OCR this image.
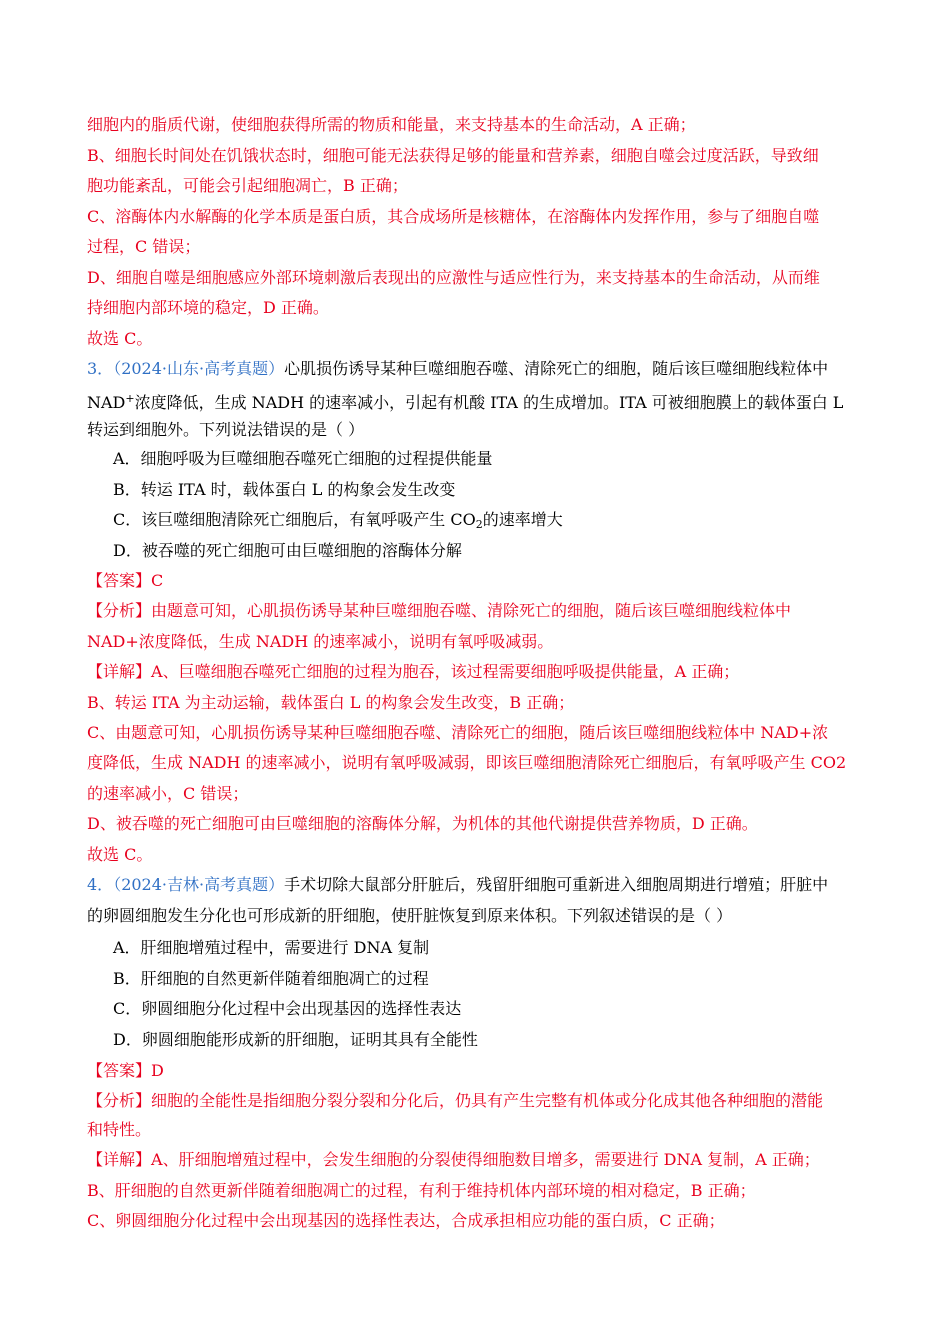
细胞内的脂质代谢，使细胞获得所需的物质和能量，来支持基本的生命活动，A 正确；
B、细胞长时间处在饥饿状态时，细胞可能无法获得足够的能量和营养素，细胞自噬会过度活跃，导致细
胞功能紊乱，可能会引起细胞凋亡，B 正确；
C、溶酶体内水解酶的化学本质是蛋白质，其合成场所是核糖体，在溶酶体内发挥作用，参与了细胞自噬
过程，C 错误；
D、细胞自噬是细胞感应外部环境刺激后表现出的应激性与适应性行为，来支持基本的生命活动，从而维
持细胞内部环境的稳定，D 正确。
故选 C。
3．（2024·山东·高考真题）心肌损伤诱导某种巨噬细胞吞噬、清除死亡的细胞，随后该巨噬细胞线粒体中
NAD+浓度降低，生成 NADH 的速率减小，引起有机酸 ITA 的生成增加。ITA 可被细胞膜上的载体蛋白 L
转运到细胞外。下列说法错误的是（ ）
A．细胞呼吸为巨噬细胞吞噬死亡细胞的过程提供能量
B．转运 ITA 时，载体蛋白 L 的构象会发生改变
C．该巨噬细胞清除死亡细胞后，有氧呼吸产生 $CO_2$的速率增大
D．被吞噬的死亡细胞可由巨噬细胞的溶酶体分解
【答案】C
【分析】由题意可知，心肌损伤诱导某种巨噬细胞吞噬、清除死亡的细胞，随后该巨噬细胞线粒体中
NAD+浓度降低，生成 NADH 的速率减小，说明有氧呼吸减弱。
【详解】A、巨噬细胞吞噬死亡细胞的过程为胞吞，该过程需要细胞呼吸提供能量，A 正确；
B、转运 ITA 为主动运输，载体蛋白 L 的构象会发生改变，B 正确；
C、由题意可知，心肌损伤诱导某种巨噬细胞吞噬、清除死亡的细胞，随后该巨噬细胞线粒体中 NAD+浓
度降低，生成 NADH 的速率减小，说明有氧呼吸减弱，即该巨噬细胞清除死亡细胞后，有氧呼吸产生 CO2
的速率减小，C 错误；
D、被吞噬的死亡细胞可由巨噬细胞的溶酶体分解，为机体的其他代谢提供营养物质，D 正确。
故选 C。
4．（2024·吉林·高考真题）手术切除大鼠部分肝脏后，残留肝细胞可重新进入细胞周期进行增殖；肝脏中
的卵圆细胞发生分化也可形成新的肝细胞，使肝脏恢复到原来体积。下列叙述错误的是（ ）
A．肝细胞增殖过程中，需要进行 DNA 复制
B．肝细胞的自然更新伴随着细胞凋亡的过程
C．卵圆细胞分化过程中会出现基因的选择性表达
D．卵圆细胞能形成新的肝细胞，证明其具有全能性
【答案】D
【分析】细胞的全能性是指细胞分裂分裂和分化后，仍具有产生完整有机体或分化成其他各种细胞的潜能
和特性。
【详解】A、肝细胞增殖过程中，会发生细胞的分裂使得细胞数目增多，需要进行 DNA 复制，A 正确；
B、肝细胞的自然更新伴随着细胞凋亡的过程，有利于维持机体内部环境的相对稳定，B 正确；
C、卵圆细胞分化过程中会出现基因的选择性表达，合成承担相应功能的蛋白质，C 正确；
